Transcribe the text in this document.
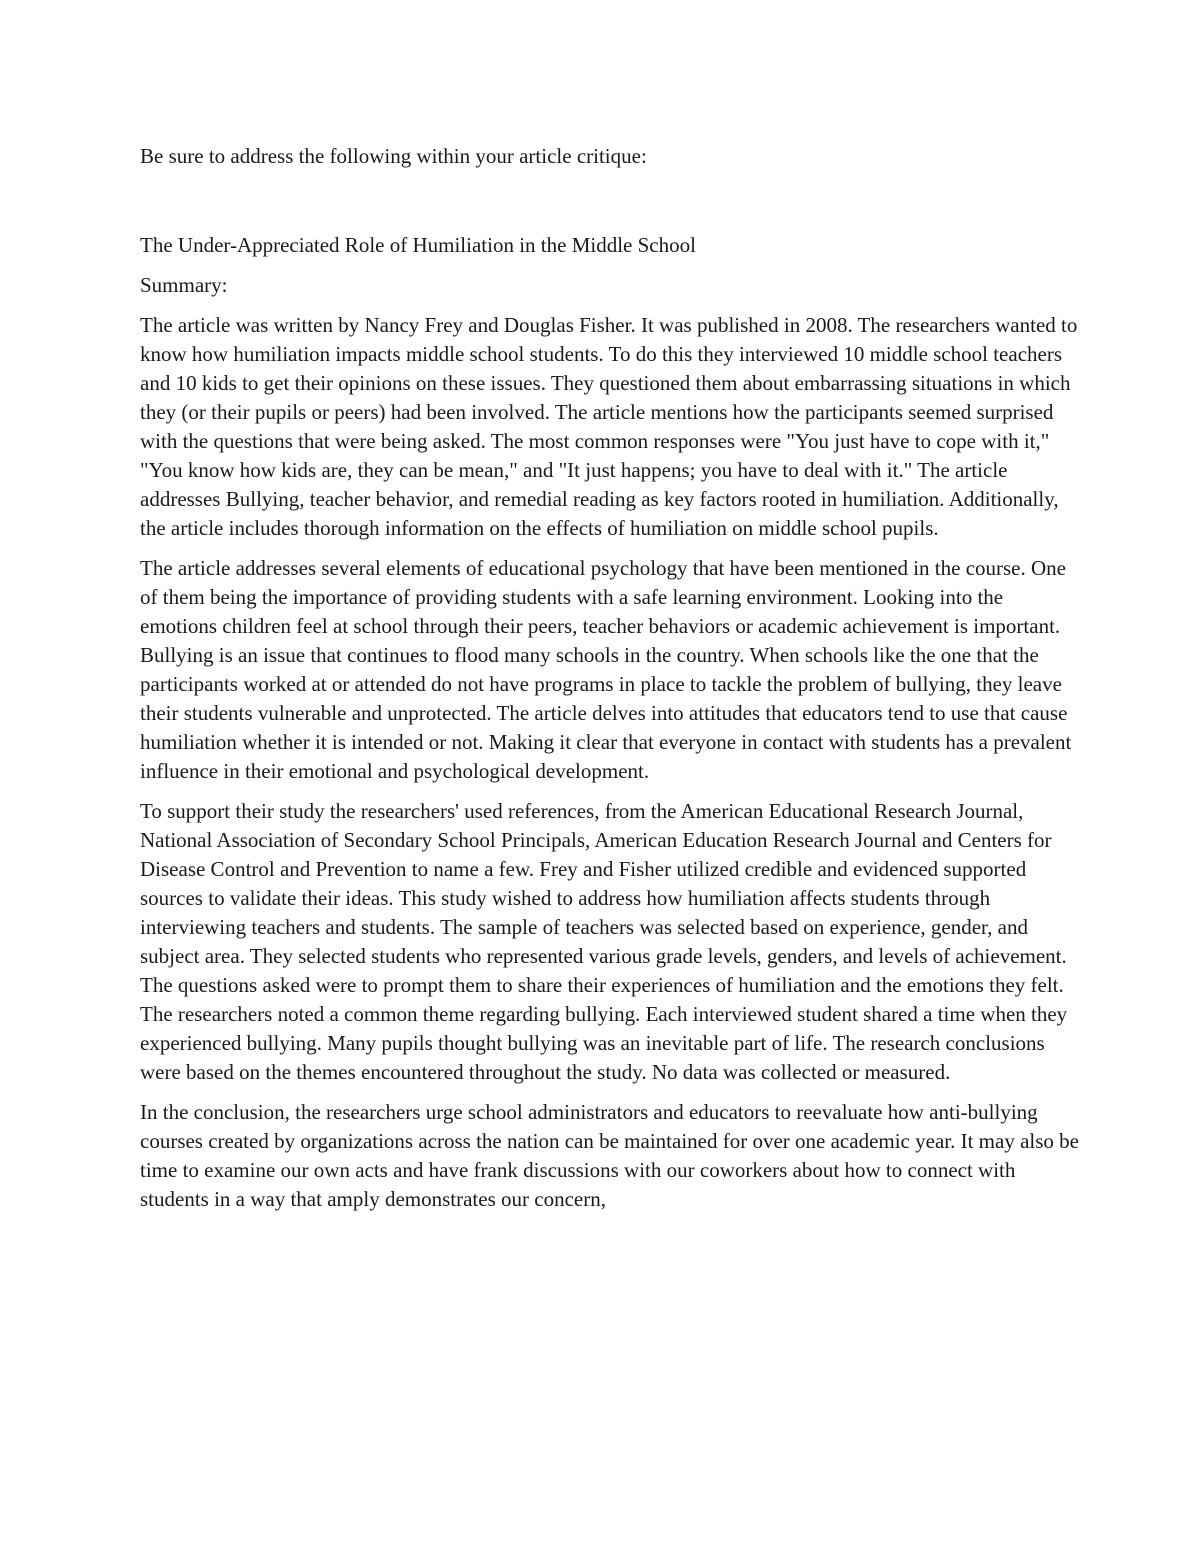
Be sure to address the following within your article critique:

The Under-Appreciated Role of Humiliation in the Middle School

Summary:

The article was written by Nancy Frey and Douglas Fisher. It was published in 2008. The researchers wanted to know how humiliation impacts middle school students. To do this they interviewed 10 middle school teachers and 10 kids to get their opinions on these issues. They questioned them about embarrassing situations in which they (or their pupils or peers) had been involved. The article mentions how the participants seemed surprised with the questions that were being asked. The most common responses were "You just have to cope with it," "You know how kids are, they can be mean," and "It just happens; you have to deal with it." The article addresses Bullying, teacher behavior, and remedial reading as key factors rooted in humiliation. Additionally, the article includes thorough information on the effects of humiliation on middle school pupils.

The article addresses several elements of educational psychology that have been mentioned in the course. One of them being the importance of providing students with a safe learning environment. Looking into the emotions children feel at school through their peers, teacher behaviors or academic achievement is important. Bullying is an issue that continues to flood many schools in the country. When schools like the one that the participants worked at or attended do not have programs in place to tackle the problem of bullying, they leave their students vulnerable and unprotected. The article delves into attitudes that educators tend to use that cause humiliation whether it is intended or not. Making it clear that everyone in contact with students has a prevalent influence in their emotional and psychological development.

To support their study the researchers' used references, from the American Educational Research Journal, National Association of Secondary School Principals, American Education Research Journal and Centers for Disease Control and Prevention to name a few. Frey and Fisher utilized credible and evidenced supported sources to validate their ideas. This study wished to address how humiliation affects students through interviewing teachers and students. The sample of teachers was selected based on experience, gender, and subject area. They selected students who represented various grade levels, genders, and levels of achievement. The questions asked were to prompt them to share their experiences of humiliation and the emotions they felt. The researchers noted a common theme regarding bullying. Each interviewed student shared a time when they experienced bullying. Many pupils thought bullying was an inevitable part of life. The research conclusions were based on the themes encountered throughout the study. No data was collected or measured.

In the conclusion, the researchers urge school administrators and educators to reevaluate how anti-bullying courses created by organizations across the nation can be maintained for over one academic year. It may also be time to examine our own acts and have frank discussions with our coworkers about how to connect with students in a way that amply demonstrates our concern,
